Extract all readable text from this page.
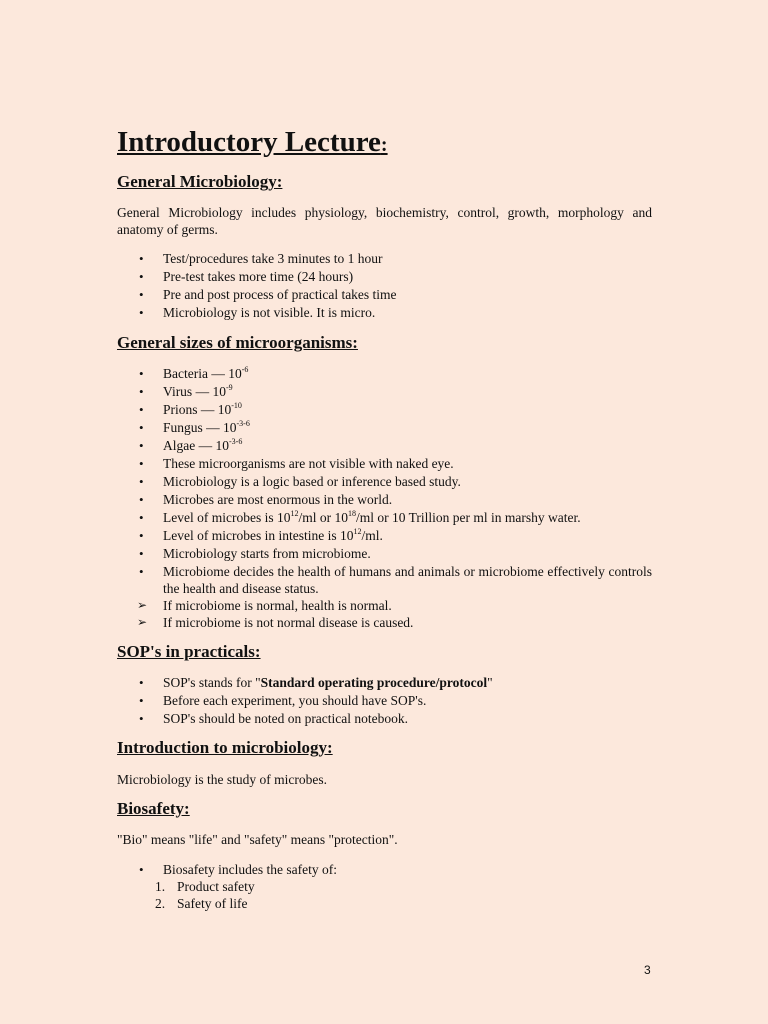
Introductory Lecture:
General Microbiology:
General Microbiology includes physiology, biochemistry, control, growth, morphology and anatomy of germs.
•	Test/procedures take 3 minutes to 1 hour
•	Pre-test takes more time (24 hours)
•	Pre and post process of practical takes time
•	Microbiology is not visible. It is micro.
General sizes of microorganisms:
•	Bacteria — $10^{-6}$
•	Virus — $10^{-9}$
•	Prions — $10^{-10}$
•	Fungus — $10^{-3-6}$
•	Algae — $10^{-3-6}$
•	These microorganisms are not visible with naked eye.
•	Microbiology is a logic based or inference based study.
•	Microbes are most enormous in the world.
•	Level of microbes is $10^{12}/ml$ or $10^{18}/ml$ or 10 Trillion per ml in marshy water.
•	Level of microbes in intestine is $10^{12}/ml$.
•	Microbiology starts from microbiome.
•	Microbiome decides the health of humans and animals or microbiome effectively controls the health and disease status.
➢	If microbiome is normal, health is normal.
➢	If microbiome is not normal disease is caused.
SOP's in practicals:
•	SOP's stands for "Standard operating procedure/protocol"
•	Before each experiment, you should have SOP's.
•	SOP's should be noted on practical notebook.
Introduction to microbiology:
Microbiology is the study of microbes.
Biosafety:
"Bio" means "life" and "safety" means "protection".
•	Biosafety includes the safety of:
1. Product safety
2. Safety of life
3
